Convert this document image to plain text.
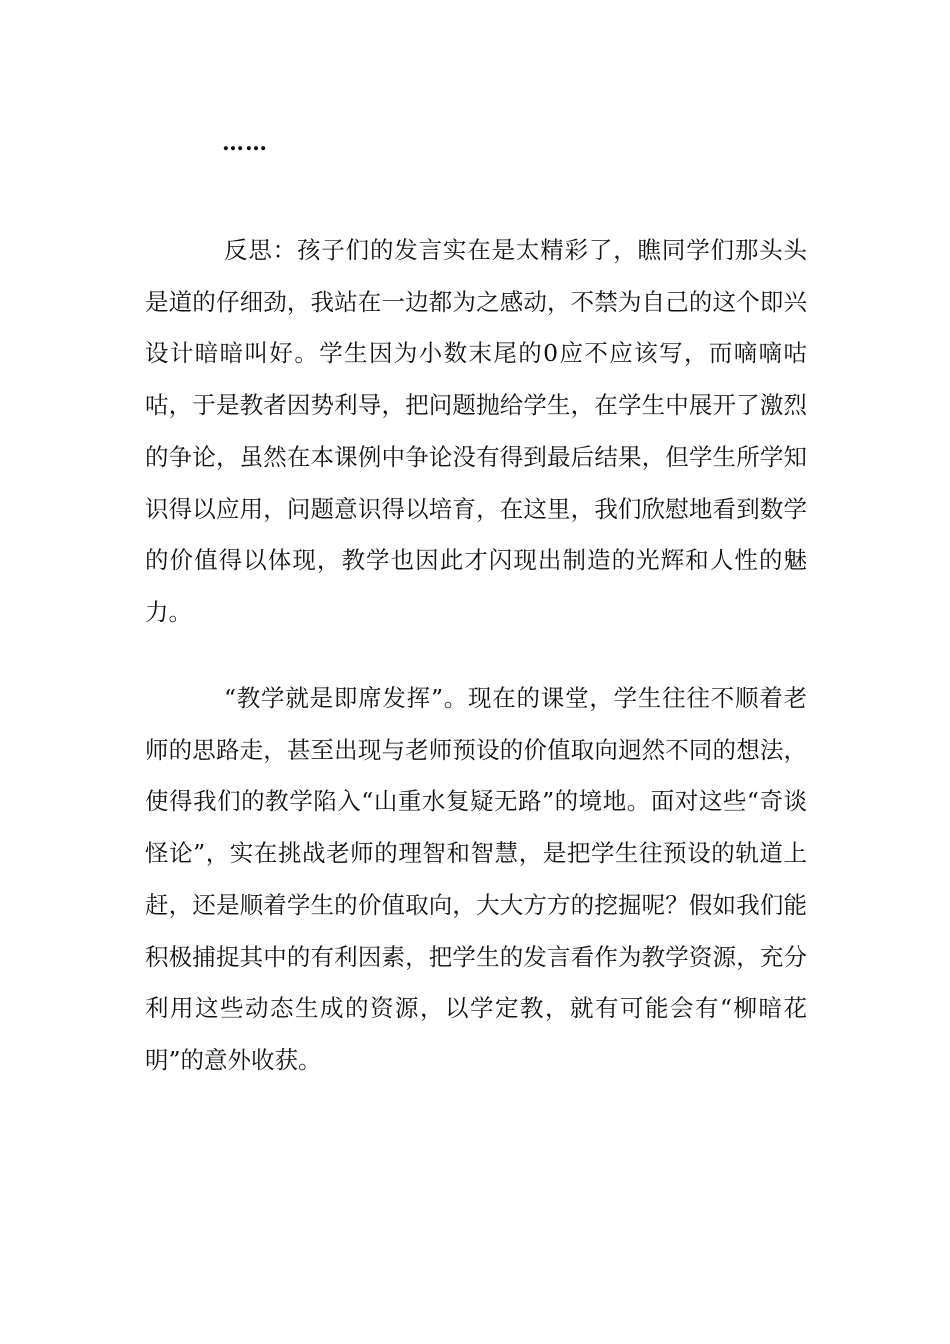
……

反思：孩子们的发言实在是太精彩了，瞧同学们那头头是道的仔细劲，我站在一边都为之感动，不禁为自己的这个即兴设计暗暗叫好。学生因为小数末尾的0应不应该写，而嘀嘀咕咕，于是教者因势利导，把问题抛给学生，在学生中展开了激烈的争论，虽然在本课例中争论没有得到最后结果，但学生所学知识得以应用，问题意识得以培育，在这里，我们欣慰地看到数学的价值得以体现，教学也因此才闪现出制造的光辉和人性的魅力。

“教学就是即席发挥”。现在的课堂，学生往往不顺着老师的思路走，甚至出现与老师预设的价值取向迥然不同的想法，使得我们的教学陷入“山重水复疑无路”的境地。面对这些“奇谈怪论”，实在挑战老师的理智和智慧，是把学生往预设的轨道上赶，还是顺着学生的价值取向，大大方方的挖掘呢？假如我们能积极捕捉其中的有利因素，把学生的发言看作为教学资源，充分利用这些动态生成的资源，以学定教，就有可能会有“柳暗花明”的意外收获。
